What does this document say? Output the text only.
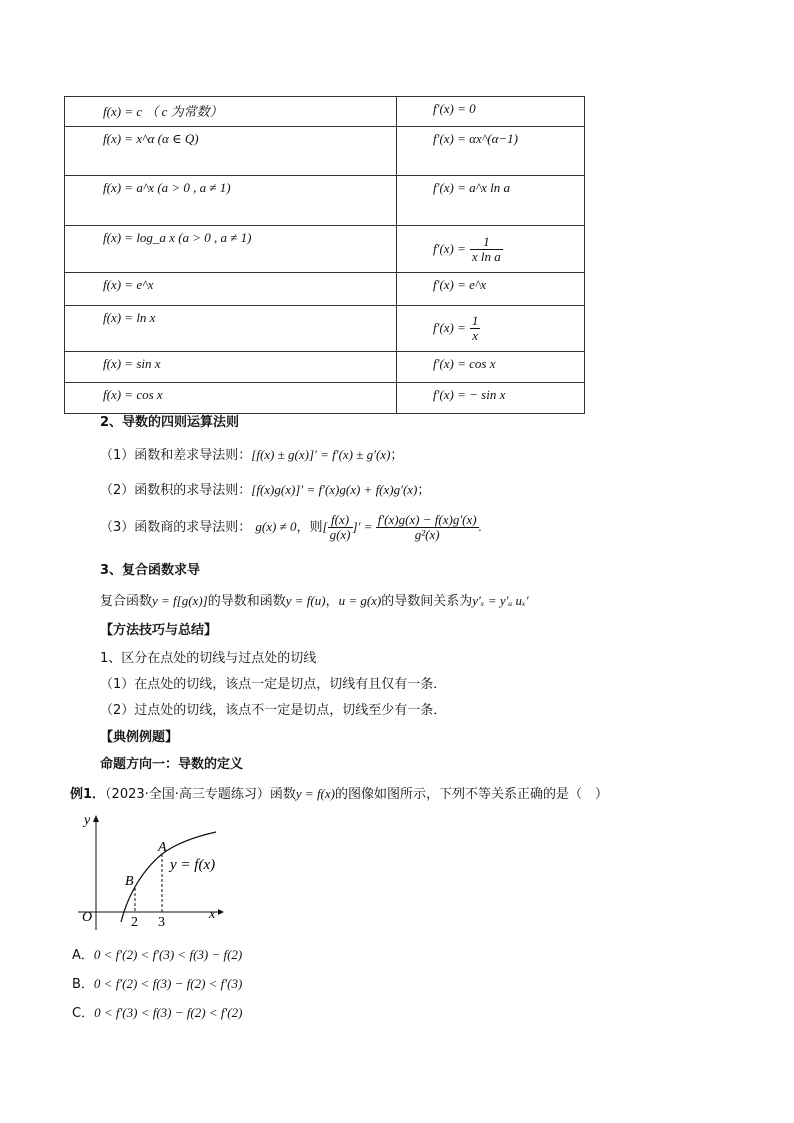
f(x) = c （ c 为常数）	f′(x) = 0
f(x) = x^α (α ∈ Q)	f′(x) = αx^(α−1)
f(x) = a^x (a > 0 , a ≠ 1)	f′(x) = a^x ln a
f(x) = log_a x (a > 0 , a ≠ 1)	$f'(x) = \frac{1}{\text{x ln a}}$

f(x) = e^x	f′(x) = e^x
f(x) = ln x	$f'(x) = \frac{1}{x}$

f(x) = sin x	f′(x) = cos x
f(x) = cos x	f′(x) = − sin x
2、导数的四则运算法则
（1）函数和差求导法则：[f(x) ± g(x)]′ = f′(x) ± g′(x)；
（2）函数积的求导法则：[f(x)g(x)]′ = f′(x)g(x) + f(x)g′(x)；
（3）函数商的求导法则： g(x) ≠ 0，则[ $\frac{f(x)}{g(x)}$ ]′ = $\frac{f'(x)g(x) - f(x)g'(x)}{\text{g²(x)}}$ .
3、复合函数求导
复合函数y = f[g(x)]的导数和函数y = f(u)，u = g(x)的导数间关系为y′ₓ = y′ᵤ uₓ′
【方法技巧与总结】
1、区分在点处的切线与过点处的切线
（1）在点处的切线，该点一定是切点，切线有且仅有一条．
（2）过点处的切线，该点不一定是切点，切线至少有一条．
【典例例题】
命题方向一：导数的定义
例1．（2023·全国·高三专题练习）函数y = f(x)的图像如图所示，下列不等关系正确的是（　）
y
x
O
A
B
y = f(x)
2 3
A．0 < f′(2) < f′(3) < f(3) − f(2)
B．0 < f′(2) < f(3) − f(2) < f′(3)
C．0 < f′(3) < f(3) − f(2) < f′(2)
